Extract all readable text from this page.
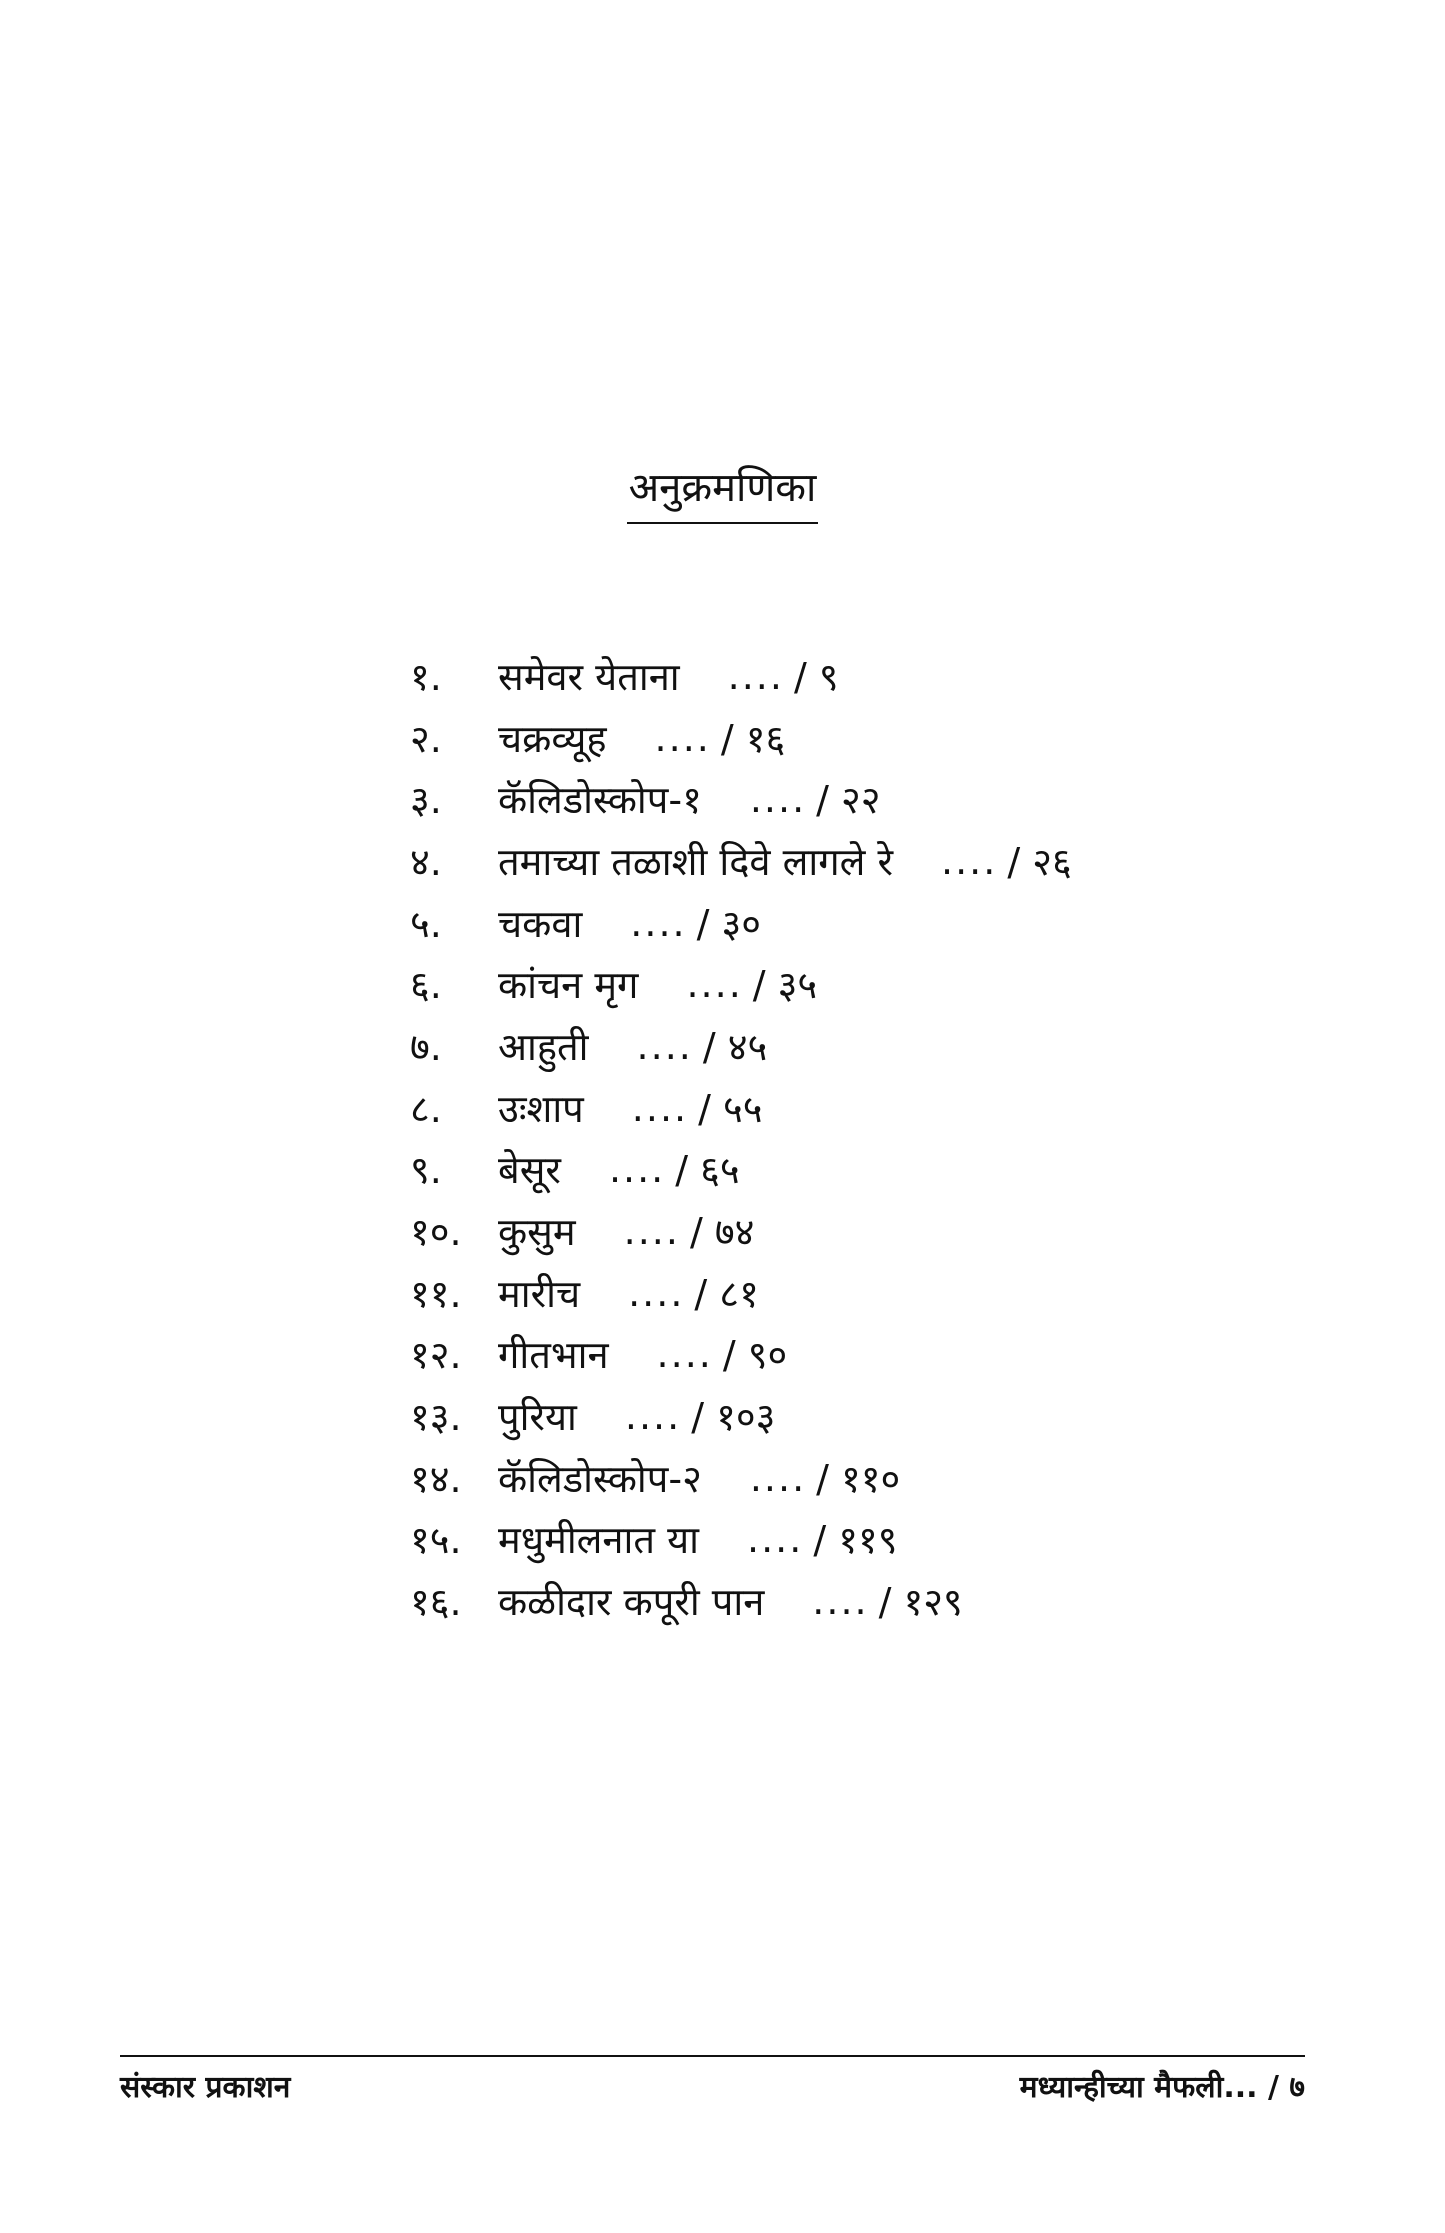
अनुक्रमणिका
१.	समेवर येताना .... / ९
२.	चक्रव्यूह .... / १६
३.	कॅलिडोस्कोप-१ .... / २२
४.	तमाच्या तळाशी दिवे लागले रे .... / २६
५.	चकवा .... / ३०
६.	कांचन मृग .... / ३५
७.	आहुती .... / ४५
८.	उःशाप .... / ५५
९.	बेसूर .... / ६५
१०. कुसुम .... / ७४
११. मारीच .... / ८१
१२. गीतभान .... / ९०
१३. पुरिया .... / १०३
१४. कॅलिडोस्कोप-२ .... / ११०
१५. मधुमीलनात या .... / ११९
१६. कळीदार कपूरी पान .... / १२९
संस्कार प्रकाशन	मध्यान्हीच्या मैफली... / ७
